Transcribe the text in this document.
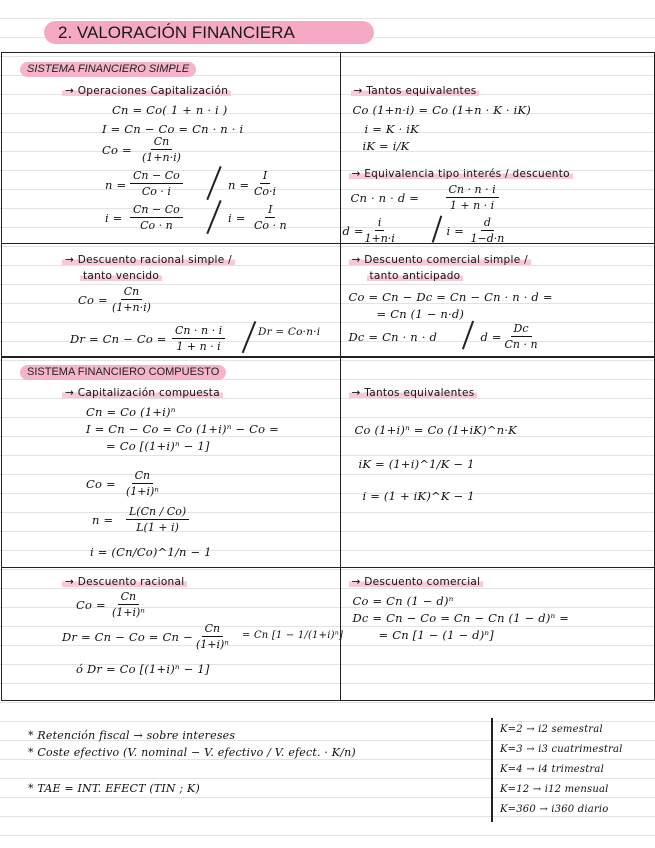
2. VALORACIÓN FINANCIERA
SISTEMA FINANCIERO SIMPLE
→ Operaciones Capitalización
Cn = Co( 1 + n · i )
I = Cn − Co = Cn · n · i
$Co = \frac{Cn}{(1+n\cdot i)}$
$n = \frac{Cn - Co}{Co \cdot i}$	$n = \frac{I}{Co\cdot i}$
$i = \frac{Cn - Co}{Co \cdot n}$	$i = \frac{I}{Co \cdot n}$
→ Tantos equivalentes
Co (1+n·i) = Co (1+n · K · iK)
i = K · iK
iK = i/K
→ Equivalencia tipo interés / descuento
$Cn \cdot n \cdot d = \frac{Cn \cdot n \cdot i}{1 + n \cdot i}$
$d = \frac{i}{1+n\cdot i}$	$i = \frac{d}{1-d\cdot n}$
→ Descuento racional simple /
tanto vencido
$Co = \frac{Cn}{(1+n\cdot i)}$
$Dr = Cn - Co = \frac{Cn \cdot n \cdot i}{1 + n \cdot i}$	Dr = Co·n·i
→ Descuento comercial simple /
tanto anticipado
Co = Cn − Dc = Cn − Cn · n · d =
= Cn (1 − n·d)
Dc = Cn · n · d	$d = \frac{Dc}{Cn \cdot n}$
SISTEMA FINANCIERO COMPUESTO
→ Capitalización compuesta
Cn = Co (1+i)ⁿ
I = Cn − Co = Co (1+i)ⁿ − Co =
= Co [(1+i)ⁿ − 1]
$Co = \frac{Cn}{\text{(1+i)ⁿ}}$
$n = \frac{L(Cn / Co)}{L(1 + i)}$
i = (Cn/Co)^1/n − 1
→ Tantos equivalentes
Co (1+i)ⁿ = Co (1+iK)^n·K
iK = (1+i)^1/K − 1
i = (1 + iK)^K − 1
→ Descuento racional
$Co = \frac{Cn}{\text{(1+i)ⁿ}}$
$Dr = Cn - Co = Cn - \frac{Cn}{\text{(1+i)ⁿ}} = Cn$ [1 − 1/(1+i)ⁿ]
ó Dr = Co [(1+i)ⁿ − 1]
→ Descuento comercial
Co = Cn (1 − d)ⁿ
Dc = Cn − Co = Cn − Cn (1 − d)ⁿ =
= Cn [1 − (1 − d)ⁿ]
* Retención fiscal → sobre intereses
* Coste efectivo (V. nominal − V. efectivo / V. efect. · K/n)
* TAE = INT. EFECT (TIN ; K)
K=2 → i2 semestral
K=3 → i3 cuatrimestral
K=4 → i4 trimestral
K=12 → i12 mensual
K=360 → i360 diario
